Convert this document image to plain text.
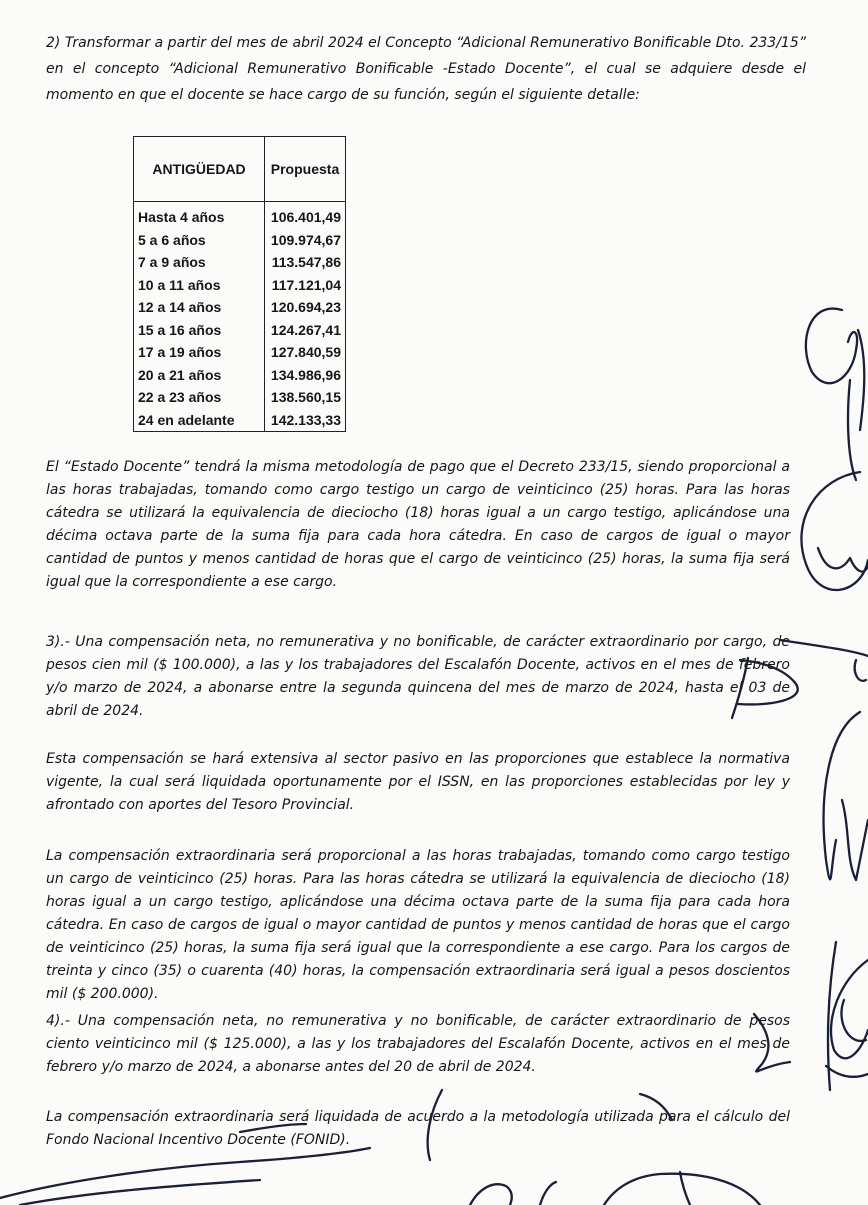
2) Transformar a partir del mes de abril 2024 el Concepto “Adicional Remunerativo Bonificable Dto. 233/15” en el concepto “Adicional Remunerativo Bonificable -Estado Docente”, el cual se adquiere desde el momento en que el docente se hace cargo de su función, según el siguiente detalle:

ANTIGÜEDAD	Propuesta
Hasta 4 años	106.401,49
5 a 6 años	109.974,67
7 a 9 años	113.547,86
10 a 11 años	117.121,04
12 a 14 años	120.694,23
15 a 16 años	124.267,41
17 a 19 años	127.840,59
20 a 21 años	134.986,96
22 a 23 años	138.560,15
24 en adelante	142.133,33

El “Estado Docente” tendrá la misma metodología de pago que el Decreto 233/15, siendo proporcional a las horas trabajadas, tomando como cargo testigo un cargo de veinticinco (25) horas. Para las horas cátedra se utilizará la equivalencia de dieciocho (18) horas igual a un cargo testigo, aplicándose una décima octava parte de la suma fija para cada hora cátedra. En caso de cargos de igual o mayor cantidad de puntos y menos cantidad de horas que el cargo de veinticinco (25) horas, la suma fija será igual que la correspondiente a ese cargo.

3).- Una compensación neta, no remunerativa y no bonificable, de carácter extraordinario por cargo, de pesos cien mil ($ 100.000), a las y los trabajadores del Escalafón Docente, activos en el mes de febrero y/o marzo de 2024, a abonarse entre la segunda quincena del mes de marzo de 2024, hasta el 03 de abril de 2024.

Esta compensación se hará extensiva al sector pasivo en las proporciones que establece la normativa vigente, la cual será liquidada oportunamente por el ISSN, en las proporciones establecidas por ley y afrontado con aportes del Tesoro Provincial.

La compensación extraordinaria será proporcional a las horas trabajadas, tomando como cargo testigo un cargo de veinticinco (25) horas. Para las horas cátedra se utilizará la equivalencia de dieciocho (18) horas igual a un cargo testigo, aplicándose una décima octava parte de la suma fija para cada hora cátedra. En caso de cargos de igual o mayor cantidad de puntos y menos cantidad de horas que el cargo de veinticinco (25) horas, la suma fija será igual que la correspondiente a ese cargo. Para los cargos de treinta y cinco (35) o cuarenta (40) horas, la compensación extraordinaria será igual a pesos doscientos mil ($ 200.000).

4).- Una compensación neta, no remunerativa y no bonificable, de carácter extraordinario de pesos ciento veinticinco mil ($ 125.000), a las y los trabajadores del Escalafón Docente, activos en el mes de febrero y/o marzo de 2024, a abonarse antes del 20 de abril de 2024.

La compensación extraordinaria será liquidada de acuerdo a la metodología utilizada para el cálculo del Fondo Nacional Incentivo Docente (FONID).
